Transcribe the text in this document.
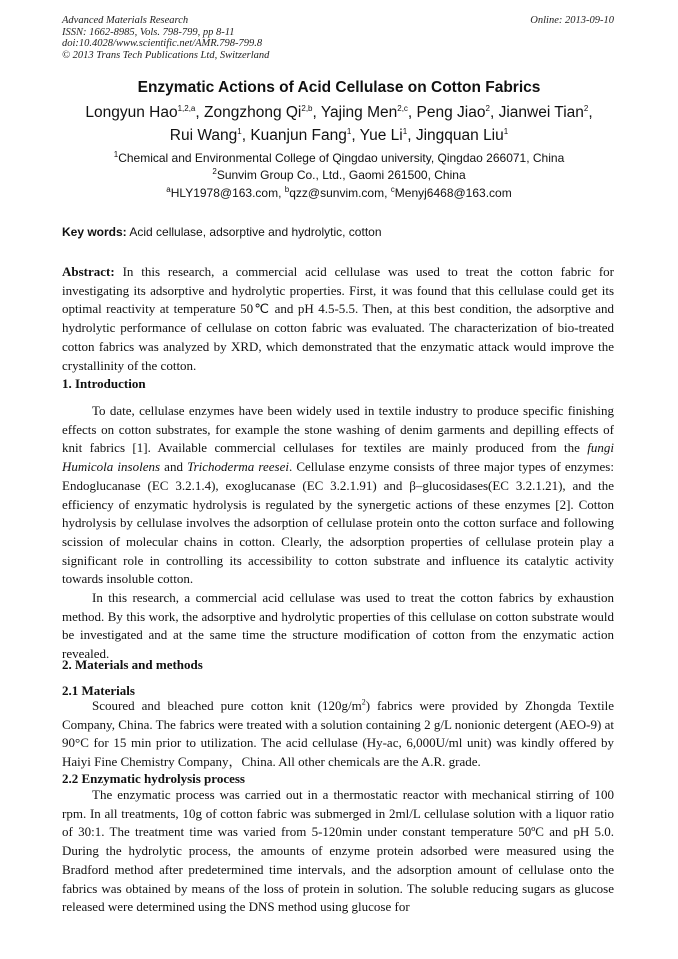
Advanced Materials Research
ISSN: 1662-8985, Vols. 798-799, pp 8-11
doi:10.4028/www.scientific.net/AMR.798-799.8
© 2013 Trans Tech Publications Ltd, Switzerland
Online: 2013-09-10
Enzymatic Actions of Acid Cellulase on Cotton Fabrics
Longyun Hao$^{1,2,a}$, Zongzhong Qi$^{2,b}$, Yajing Men$^{2,c}$, Peng Jiao$^2$, Jianwei Tian$^2$,
Rui Wang$^1$, Kuanjun Fang$^1$, Yue Li$^1$, Jingquan Liu$^1$
$^1$Chemical and Environmental College of Qingdao university, Qingdao 266071, China
$^2$Sunvim Group Co., Ltd., Gaomi 261500, China
$^a$HLY1978@163.com, $^b$qzz@sunvim.com, $^c$Menyj6468@163.com
Key words: Acid cellulase, adsorptive and hydrolytic, cotton

Abstract: In this research, a commercial acid cellulase was used to treat the cotton fabric for investigating its adsorptive and hydrolytic properties. First, it was found that this cellulase could get its optimal reactivity at temperature 50℃ and pH 4.5-5.5. Then, at this best condition, the adsorptive and hydrolytic performance of cellulase on cotton fabric was evaluated. The characterization of bio-treated cotton fabrics was analyzed by XRD, which demonstrated that the enzymatic attack would improve the crystallinity of the cotton.

1. Introduction

To date, cellulase enzymes have been widely used in textile industry to produce specific finishing effects on cotton substrates, for example the stone washing of denim garments and depilling effects of knit fabrics [1]. Available commercial cellulases for textiles are mainly produced from the fungi Humicola insolens and Trichoderma reesei. Cellulase enzyme consists of three major types of enzymes: Endoglucanase (EC 3.2.1.4), exoglucanase (EC 3.2.1.91) and β–glucosidases(EC 3.2.1.21), and the efficiency of enzymatic hydrolysis is regulated by the synergetic actions of these enzymes [2]. Cotton hydrolysis by cellulase involves the adsorption of cellulase protein onto the cotton surface and following scission of molecular chains in cotton. Clearly, the adsorption properties of cellulase protein play a significant role in controlling its accessibility to cotton substrate and influence its catalytic activity towards insoluble cotton.

In this research, a commercial acid cellulase was used to treat the cotton fabrics by exhaustion method. By this work, the adsorptive and hydrolytic properties of this cellulase on cotton substrate would be investigated and at the same time the structure modification of cotton from the enzymatic action revealed.

2. Materials and methods
2.1 Materials

Scoured and bleached pure cotton knit $(120g/m^2)$ fabrics were provided by Zhongda Textile Company, China. The fabrics were treated with a solution containing 2 g/L nonionic detergent (AEO-9) at 90°C for 15 min prior to utilization. The acid cellulase (Hy-ac, 6,000U/ml unit) was kindly offered by Haiyi Fine Chemistry Company，China. All other chemicals are the A.R. grade.

2.2 Enzymatic hydrolysis process

The enzymatic process was carried out in a thermostatic reactor with mechanical stirring of 100 rpm. In all treatments, 10g of cotton fabric was submerged in 2ml/L cellulase solution with a liquor ratio of 30:1. The treatment time was varied from 5-120min under constant temperature 50ºC and pH 5.0. During the hydrolytic process, the amounts of enzyme protein adsorbed were measured using the Bradford method after predetermined time intervals, and the adsorption amount of cellulase onto the fabrics was obtained by means of the loss of protein in solution. The soluble reducing sugars as glucose released were determined using the DNS method using glucose for
